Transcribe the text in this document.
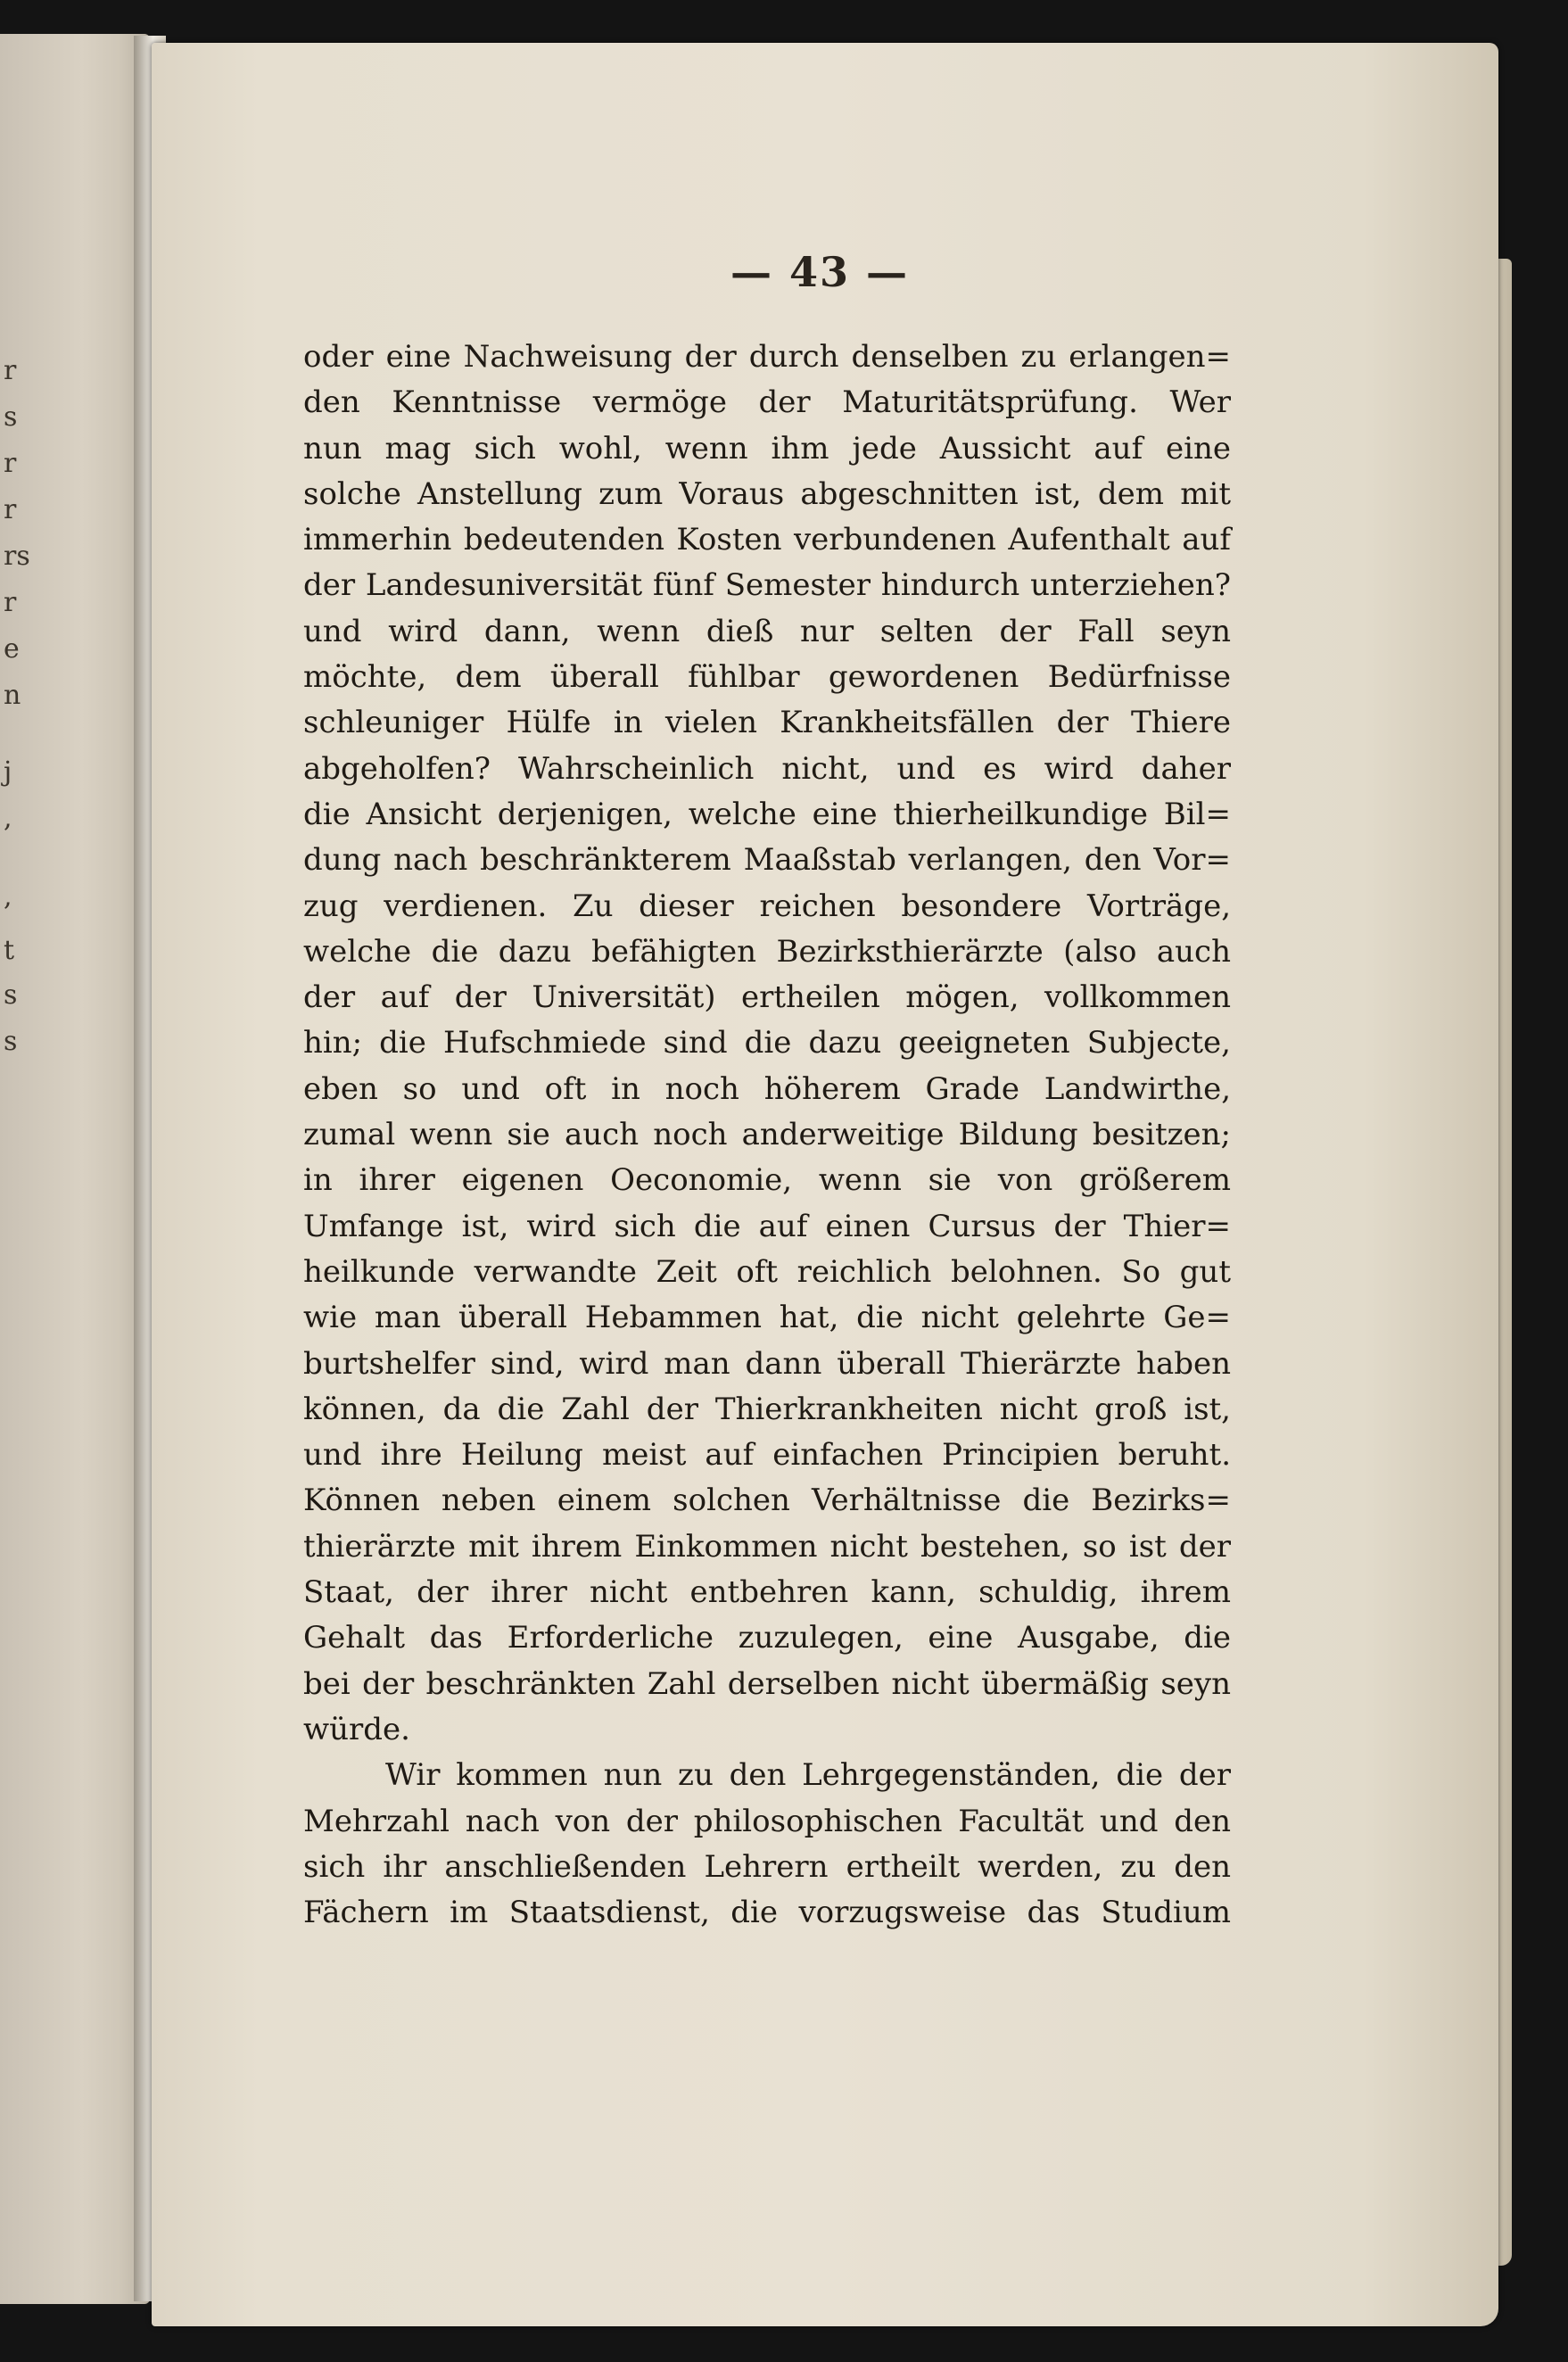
r
s
r
r
rs
r
e
n
j
,
,
t
s
s
— 43 —
oder eine Nachweisung der durch denselben zu erlangen=
den Kenntnisse vermöge der Maturitätsprüfung. Wer
nun mag sich wohl, wenn ihm jede Aussicht auf eine
solche Anstellung zum Voraus abgeschnitten ist, dem mit
immerhin bedeutenden Kosten verbundenen Aufenthalt auf
der Landesuniversität fünf Semester hindurch unterziehen?
und wird dann, wenn dieß nur selten der Fall seyn
möchte, dem überall fühlbar gewordenen Bedürfnisse
schleuniger Hülfe in vielen Krankheitsfällen der Thiere
abgeholfen? Wahrscheinlich nicht, und es wird daher
die Ansicht derjenigen, welche eine thierheilkundige Bil=
dung nach beschränkterem Maaßstab verlangen, den Vor=
zug verdienen. Zu dieser reichen besondere Vorträge,
welche die dazu befähigten Bezirksthierärzte (also auch
der auf der Universität) ertheilen mögen, vollkommen
hin; die Hufschmiede sind die dazu geeigneten Subjecte,
eben so und oft in noch höherem Grade Landwirthe,
zumal wenn sie auch noch anderweitige Bildung besitzen;
in ihrer eigenen Oeconomie, wenn sie von größerem
Umfange ist, wird sich die auf einen Cursus der Thier=
heilkunde verwandte Zeit oft reichlich belohnen. So gut
wie man überall Hebammen hat, die nicht gelehrte Ge=
burtshelfer sind, wird man dann überall Thierärzte haben
können, da die Zahl der Thierkrankheiten nicht groß ist,
und ihre Heilung meist auf einfachen Principien beruht.
Können neben einem solchen Verhältnisse die Bezirks=
thierärzte mit ihrem Einkommen nicht bestehen, so ist der
Staat, der ihrer nicht entbehren kann, schuldig, ihrem
Gehalt das Erforderliche zuzulegen, eine Ausgabe, die
bei der beschränkten Zahl derselben nicht übermäßig seyn
würde.
Wir kommen nun zu den Lehrgegenständen, die der
Mehrzahl nach von der philosophischen Facultät und den
sich ihr anschließenden Lehrern ertheilt werden, zu den
Fächern im Staatsdienst, die vorzugsweise das Studium
